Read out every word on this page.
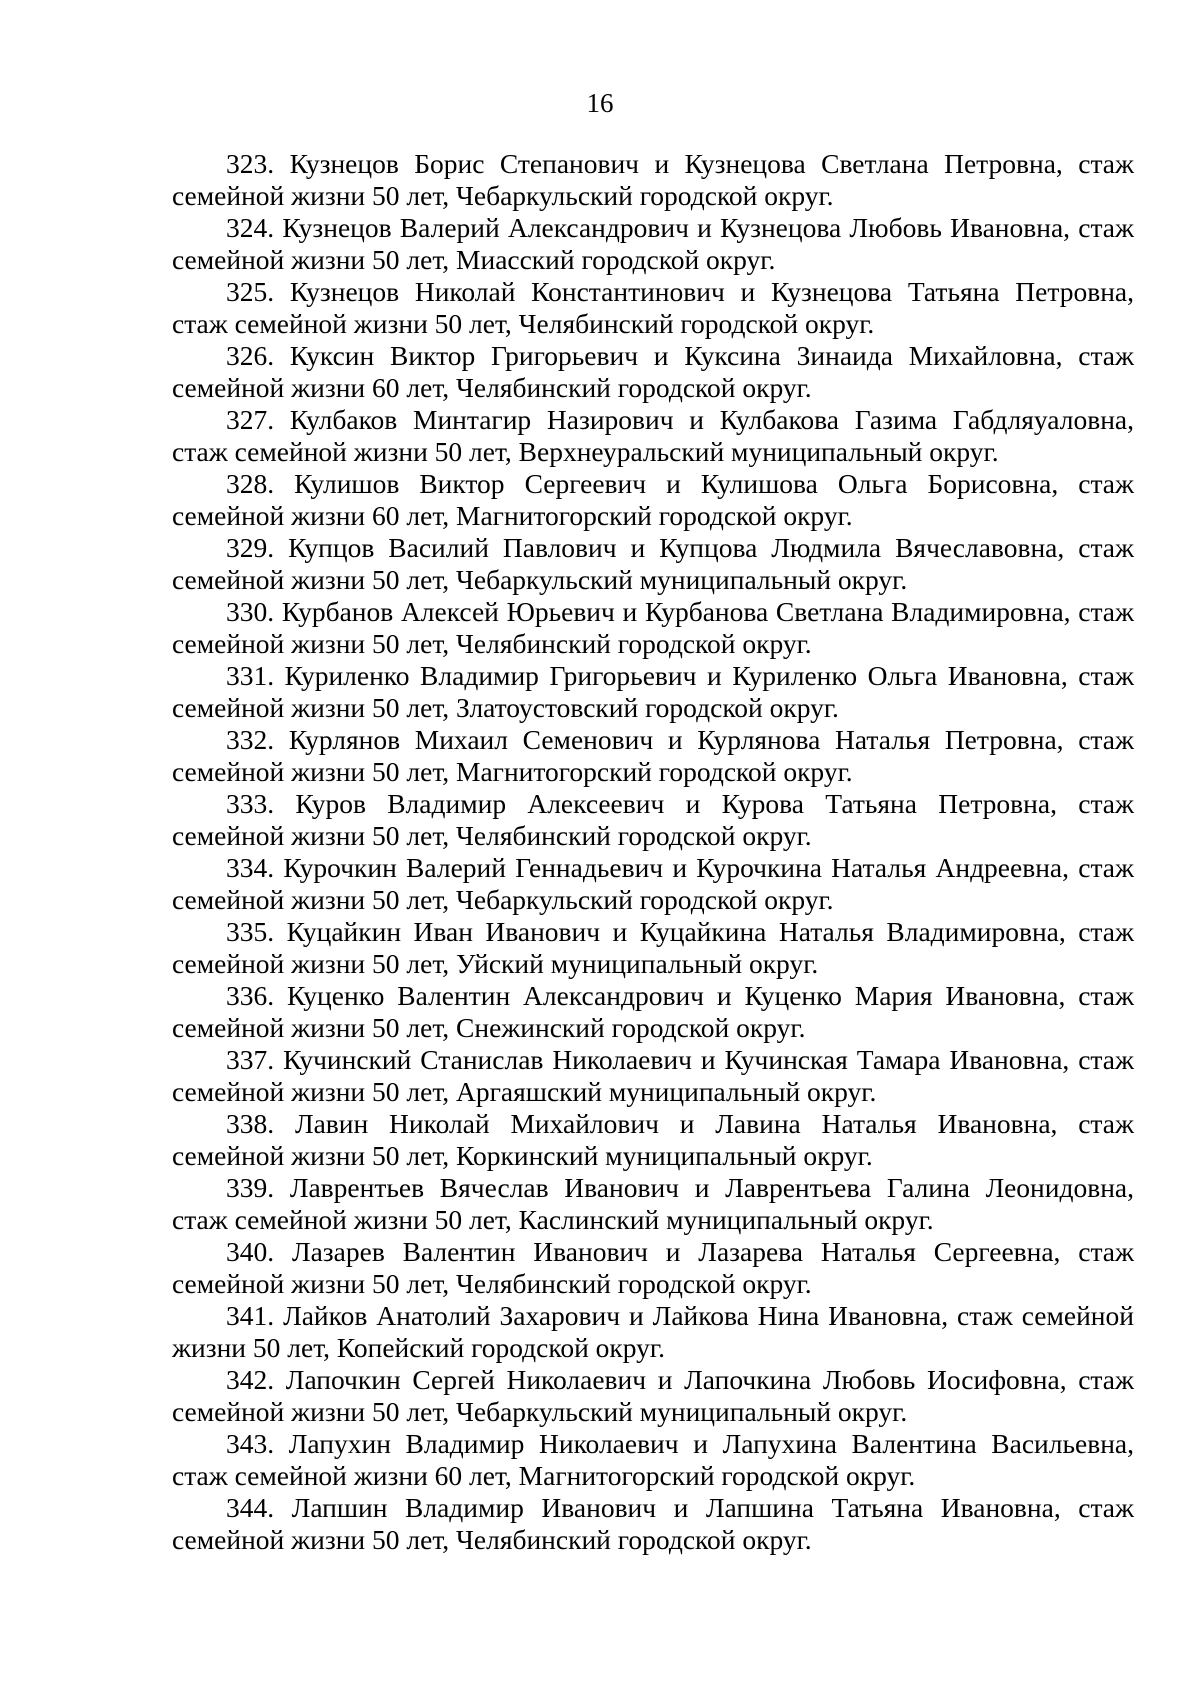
16
323. Кузнецов Борис Степанович и Кузнецова Светлана Петровна, стаж семейной жизни 50 лет, Чебаркульский городской округ.
324. Кузнецов Валерий Александрович и Кузнецова Любовь Ивановна, стаж семейной жизни 50 лет, Миасский городской округ.
325. Кузнецов Николай Константинович и Кузнецова Татьяна Петровна, стаж семейной жизни 50 лет, Челябинский городской округ.
326. Куксин Виктор Григорьевич и Куксина Зинаида Михайловна, стаж семейной жизни 60 лет, Челябинский городской округ.
327. Кулбаков Минтагир Назирович и Кулбакова Газима Габдляуаловна, стаж семейной жизни 50 лет, Верхнеуральский муниципальный округ.
328. Кулишов Виктор Сергеевич и Кулишова Ольга Борисовна, стаж семейной жизни 60 лет, Магнитогорский городской округ.
329. Купцов Василий Павлович и Купцова Людмила Вячеславовна, стаж семейной жизни 50 лет, Чебаркульский муниципальный округ.
330. Курбанов Алексей Юрьевич и Курбанова Светлана Владимировна, стаж семейной жизни 50 лет, Челябинский городской округ.
331. Куриленко Владимир Григорьевич и Куриленко Ольга Ивановна, стаж семейной жизни 50 лет, Златоустовский городской округ.
332. Курлянов Михаил Семенович и Курлянова Наталья Петровна, стаж семейной жизни 50 лет, Магнитогорский городской округ.
333. Куров Владимир Алексеевич и Курова Татьяна Петровна, стаж семейной жизни 50 лет, Челябинский городской округ.
334. Курочкин Валерий Геннадьевич и Курочкина Наталья Андреевна, стаж семейной жизни 50 лет, Чебаркульский городской округ.
335. Куцайкин Иван Иванович и Куцайкина Наталья Владимировна, стаж семейной жизни 50 лет, Уйский муниципальный округ.
336. Куценко Валентин Александрович и Куценко Мария Ивановна, стаж семейной жизни 50 лет, Снежинский городской округ.
337. Кучинский Станислав Николаевич и Кучинская Тамара Ивановна, стаж семейной жизни 50 лет, Аргаяшский муниципальный округ.
338. Лавин Николай Михайлович и Лавина Наталья Ивановна, стаж семейной жизни 50 лет, Коркинский муниципальный округ.
339. Лаврентьев Вячеслав Иванович и Лаврентьева Галина Леонидовна, стаж семейной жизни 50 лет, Каслинский муниципальный округ.
340. Лазарев Валентин Иванович и Лазарева Наталья Сергеевна, стаж семейной жизни 50 лет, Челябинский городской округ.
341. Лайков Анатолий Захарович и Лайкова Нина Ивановна, стаж семейной жизни 50 лет, Копейский городской округ.
342. Лапочкин Сергей Николаевич и Лапочкина Любовь Иосифовна, стаж семейной жизни 50 лет, Чебаркульский муниципальный округ.
343. Лапухин Владимир Николаевич и Лапухина Валентина Васильевна, стаж семейной жизни 60 лет, Магнитогорский городской округ.
344. Лапшин Владимир Иванович и Лапшина Татьяна Ивановна, стаж семейной жизни 50 лет, Челябинский городской округ.
